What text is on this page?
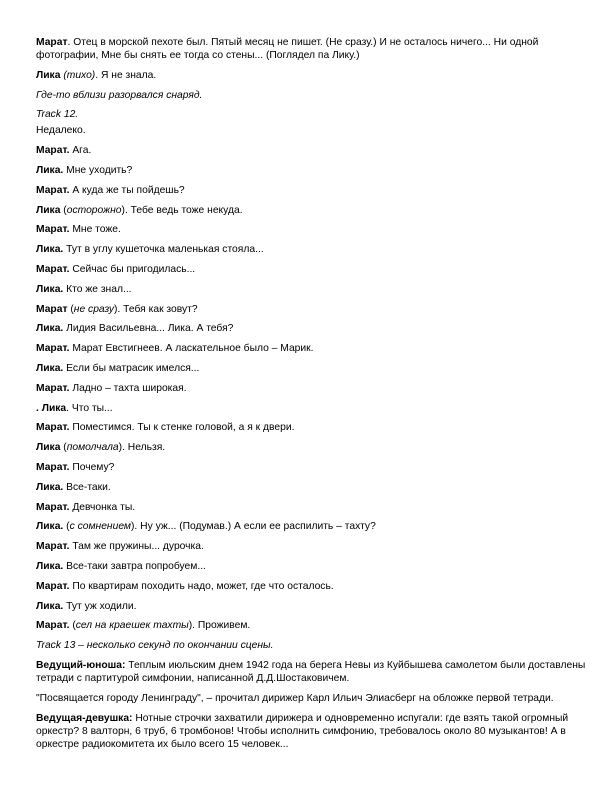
Марат. Отец в морской пехоте был. Пятый месяц не пишет. (Не сразу.) И не осталось ничего... Ни одной фотографии, Мне бы снять ее тогда со стены... (Поглядел па Лику.)

Лика (тихо). Я не знала.

Где-то вблизи разорвался снаряд.

Track 12.

Недалеко.

Марат. Ага.

Лика. Мне уходить?

Марат. А куда же ты пойдешь?

Лика (осторожно). Тебе ведь тоже некуда.

Марат. Мне тоже.

Лика. Тут в углу кушеточка маленькая стояла...

Марат. Сейчас бы пригодилась...

Лика. Кто же знал...

Марат (не сразу). Тебя как зовут?

Лика. Лидия Васильевна... Лика. А тебя?

Марат. Марат Евстигнеев. А ласкательное было – Марик.

Лика. Если бы матрасик имелся...

Марат. Ладно – тахта широкая.

. Лика. Что ты...

Марат. Поместимся. Ты к стенке головой, а я к двери.

Лика (помолчала). Нельзя.

Марат. Почему?

Лика. Все-таки.

Марат. Девчонка ты.

Лика. (с сомнением). Ну уж... (Подумав.) А если ее распилить – тахту?

Марат. Там же пружины... дурочка.

Лика. Все-таки завтра попробуем...

Марат. По квартирам походить надо, может, где что осталось.

Лика. Тут уж ходили.

Марат. (сел на краешек тахты). Проживем.

Track 13 – несколько секунд по окончании сцены.

Ведущий-юноша: Теплым июльским днем 1942 года на берега Невы из Куйбышева самолетом были доставлены тетради с партитурой симфонии, написанной Д.Д.Шостаковичем.

"Посвящается городу Ленинграду", – прочитал дирижер Карл Ильич Элиасберг на обложке первой тетради.

Ведущая-девушка: Нотные строчки захватили дирижера и одновременно испугали: где взять такой огромный оркестр? 8 валторн, 6 труб, 6 тромбонов! Чтобы исполнить симфонию, требовалось около 80 музыкантов! А в оркестре радиокомитета их было всего 15 человек...
